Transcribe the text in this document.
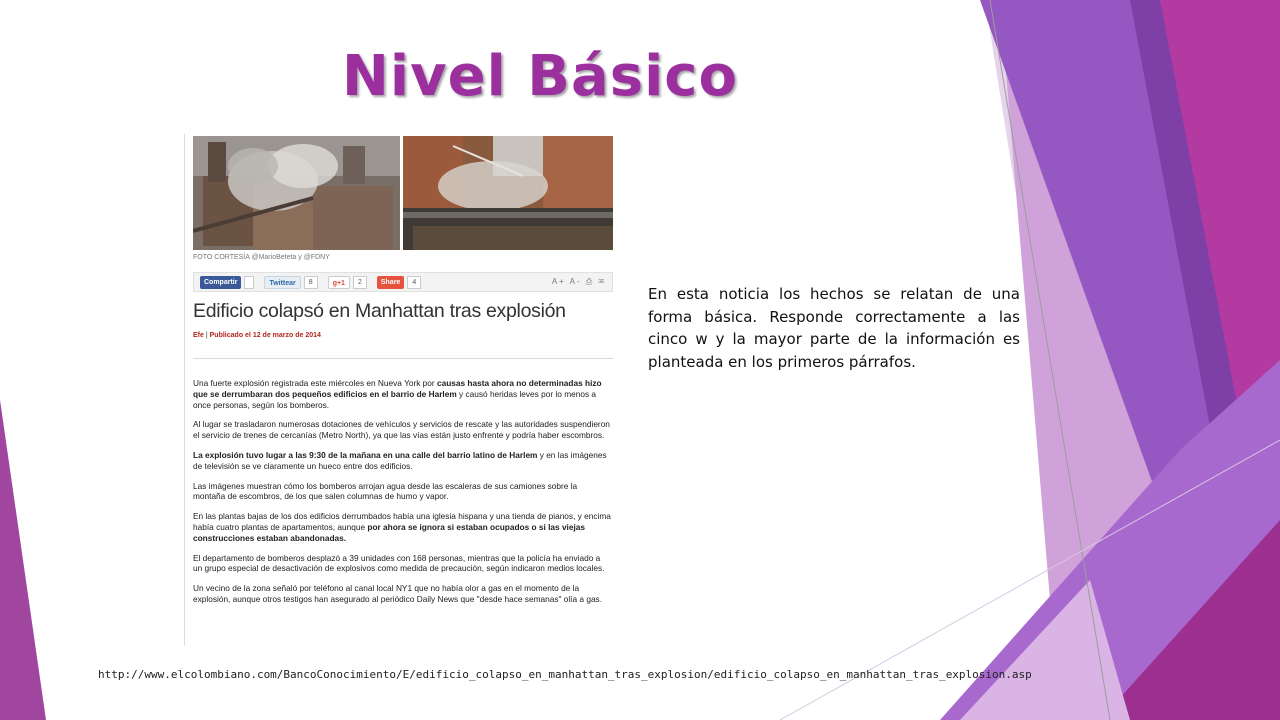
Nivel Básico
FOTO CORTESÍA @MarioBeteta y @FDNY
Compartir	Twittear	8	g+1	2	Share	4	A+ A- ⎙ ✉
Edificio colapsó en Manhattan tras explosión
Efe | Publicado el 12 de marzo de 2014

Una fuerte explosión registrada este miércoles en Nueva York por causas hasta ahora no determinadas hizo que se derrumbaran dos pequeños edificios en el barrio de Harlem y causó heridas leves por lo menos a once personas, según los bomberos.

Al lugar se trasladaron numerosas dotaciones de vehículos y servicios de rescate y las autoridades suspendieron el servicio de trenes de cercanías (Metro North), ya que las vías están justo enfrente y podría haber escombros.

La explosión tuvo lugar a las 9:30 de la mañana en una calle del barrio latino de Harlem y en las imágenes de televisión se ve claramente un hueco entre dos edificios.

Las imágenes muestran cómo los bomberos arrojan agua desde las escaleras de sus camiones sobre la montaña de escombros, de los que salen columnas de humo y vapor.

En las plantas bajas de los dos edificios derrumbados había una iglesia hispana y una tienda de pianos, y encima había cuatro plantas de apartamentos, aunque por ahora se ignora si estaban ocupados o si las viejas construcciones estaban abandonadas.

El departamento de bomberos desplazó a 39 unidades con 168 personas, mientras que la policía ha enviado a un grupo especial de desactivación de explosivos como medida de precaución, según indicaron medios locales.

Un vecino de la zona señaló por teléfono al canal local NY1 que no había olor a gas en el momento de la explosión, aunque otros testigos han asegurado al periódico Daily News que "desde hace semanas" olía a gas.

En esta noticia los hechos se relatan de una forma básica. Responde correctamente a las cinco w y la mayor parte de la información es planteada en los primeros párrafos.

http://www.elcolombiano.com/BancoConocimiento/E/edificio_colapso_en_manhattan_tras_explosion/edificio_colapso_en_manhattan_tras_explosion.asp
